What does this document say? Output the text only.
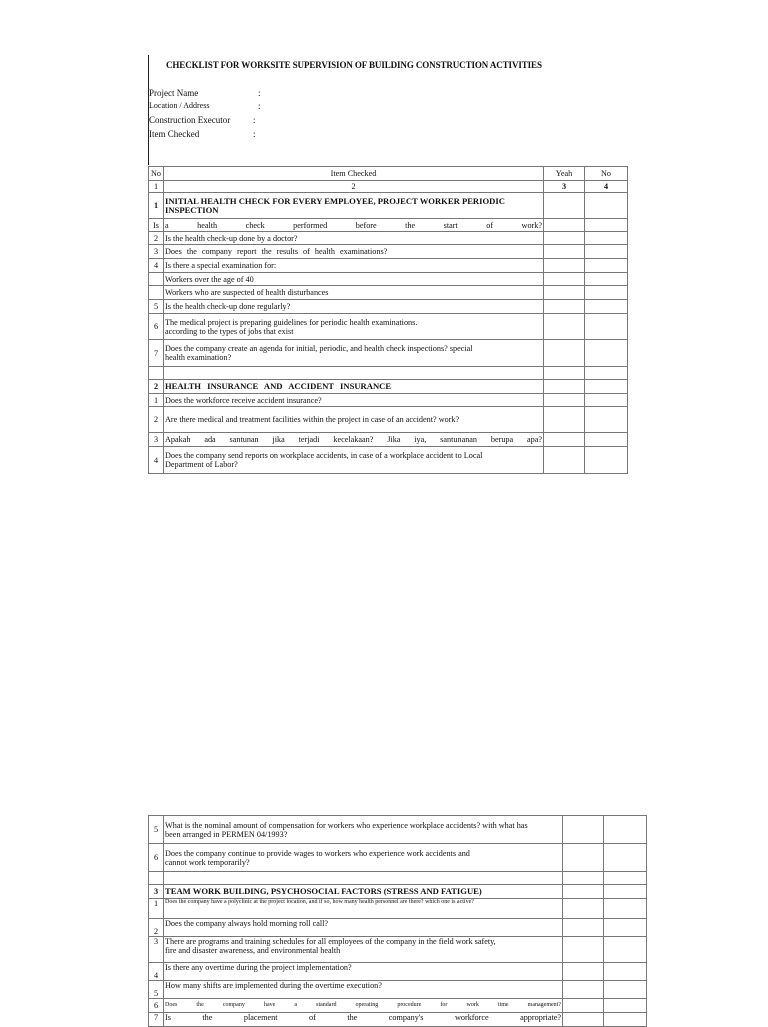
CHECKLIST FOR WORKSITE SUPERVISION OF BUILDING CONSTRUCTION ACTIVITIES
Project Name	:
Location / Address	:
Construction Executor	:
Item Checked	:
No	Item Checked	Yeah	No
1	2	3	4
1	INITIAL HEALTH CHECK FOR EVERY EMPLOYEE, PROJECT WORKER PERIODIC INSPECTION		
Is	a health check performed before the start of work?		
2	Is the health check-up done by a doctor?		
3	Does the company report the results of health examinations?		
4	Is there a special examination for:		
	Workers over the age of 40		
	Workers who are suspected of health disturbances		
5	Is the health check-up done regularly?		
6	The medical project is preparing guidelines for periodic health examinations. according to the types of jobs that exist		
7	Does the company create an agenda for initial, periodic, and health check inspections? special health examination?		

2	HEALTH INSURANCE AND ACCIDENT INSURANCE		
1	Does the workforce receive accident insurance?		
2	Are there medical and treatment facilities within the project in case of an accident? work?		
3	Apakah ada santunan jika terjadi kecelakaan? Jika iya, santunanan berupa apa?		
4	Does the company send reports on workplace accidents, in case of a workplace accident to Local Department of Labor?		
5	What is the nominal amount of compensation for workers who experience workplace accidents? with what has been arranged in PERMEN 04/1993?		
6	Does the company continue to provide wages to workers who experience work accidents and cannot work temporarily?		

3	TEAM WORK BUILDING, PSYCHOSOCIAL FACTORS (STRESS AND FATIGUE)		
1	Does the company have a polyclinic at the project location, and if so, how many health personnel are there? which one is active?		
2	Does the company always hold morning roll call?		
3	There are programs and training schedules for all employees of the company in the field work safety, fire and disaster awareness, and environmental health		
4	Is there any overtime during the project implementation?		
5	How many shifts are implemented during the overtime execution?		
6	Does the company have a standard operating procedure for work time management?		
7	Is the placement of the company's workforce appropriate?		
